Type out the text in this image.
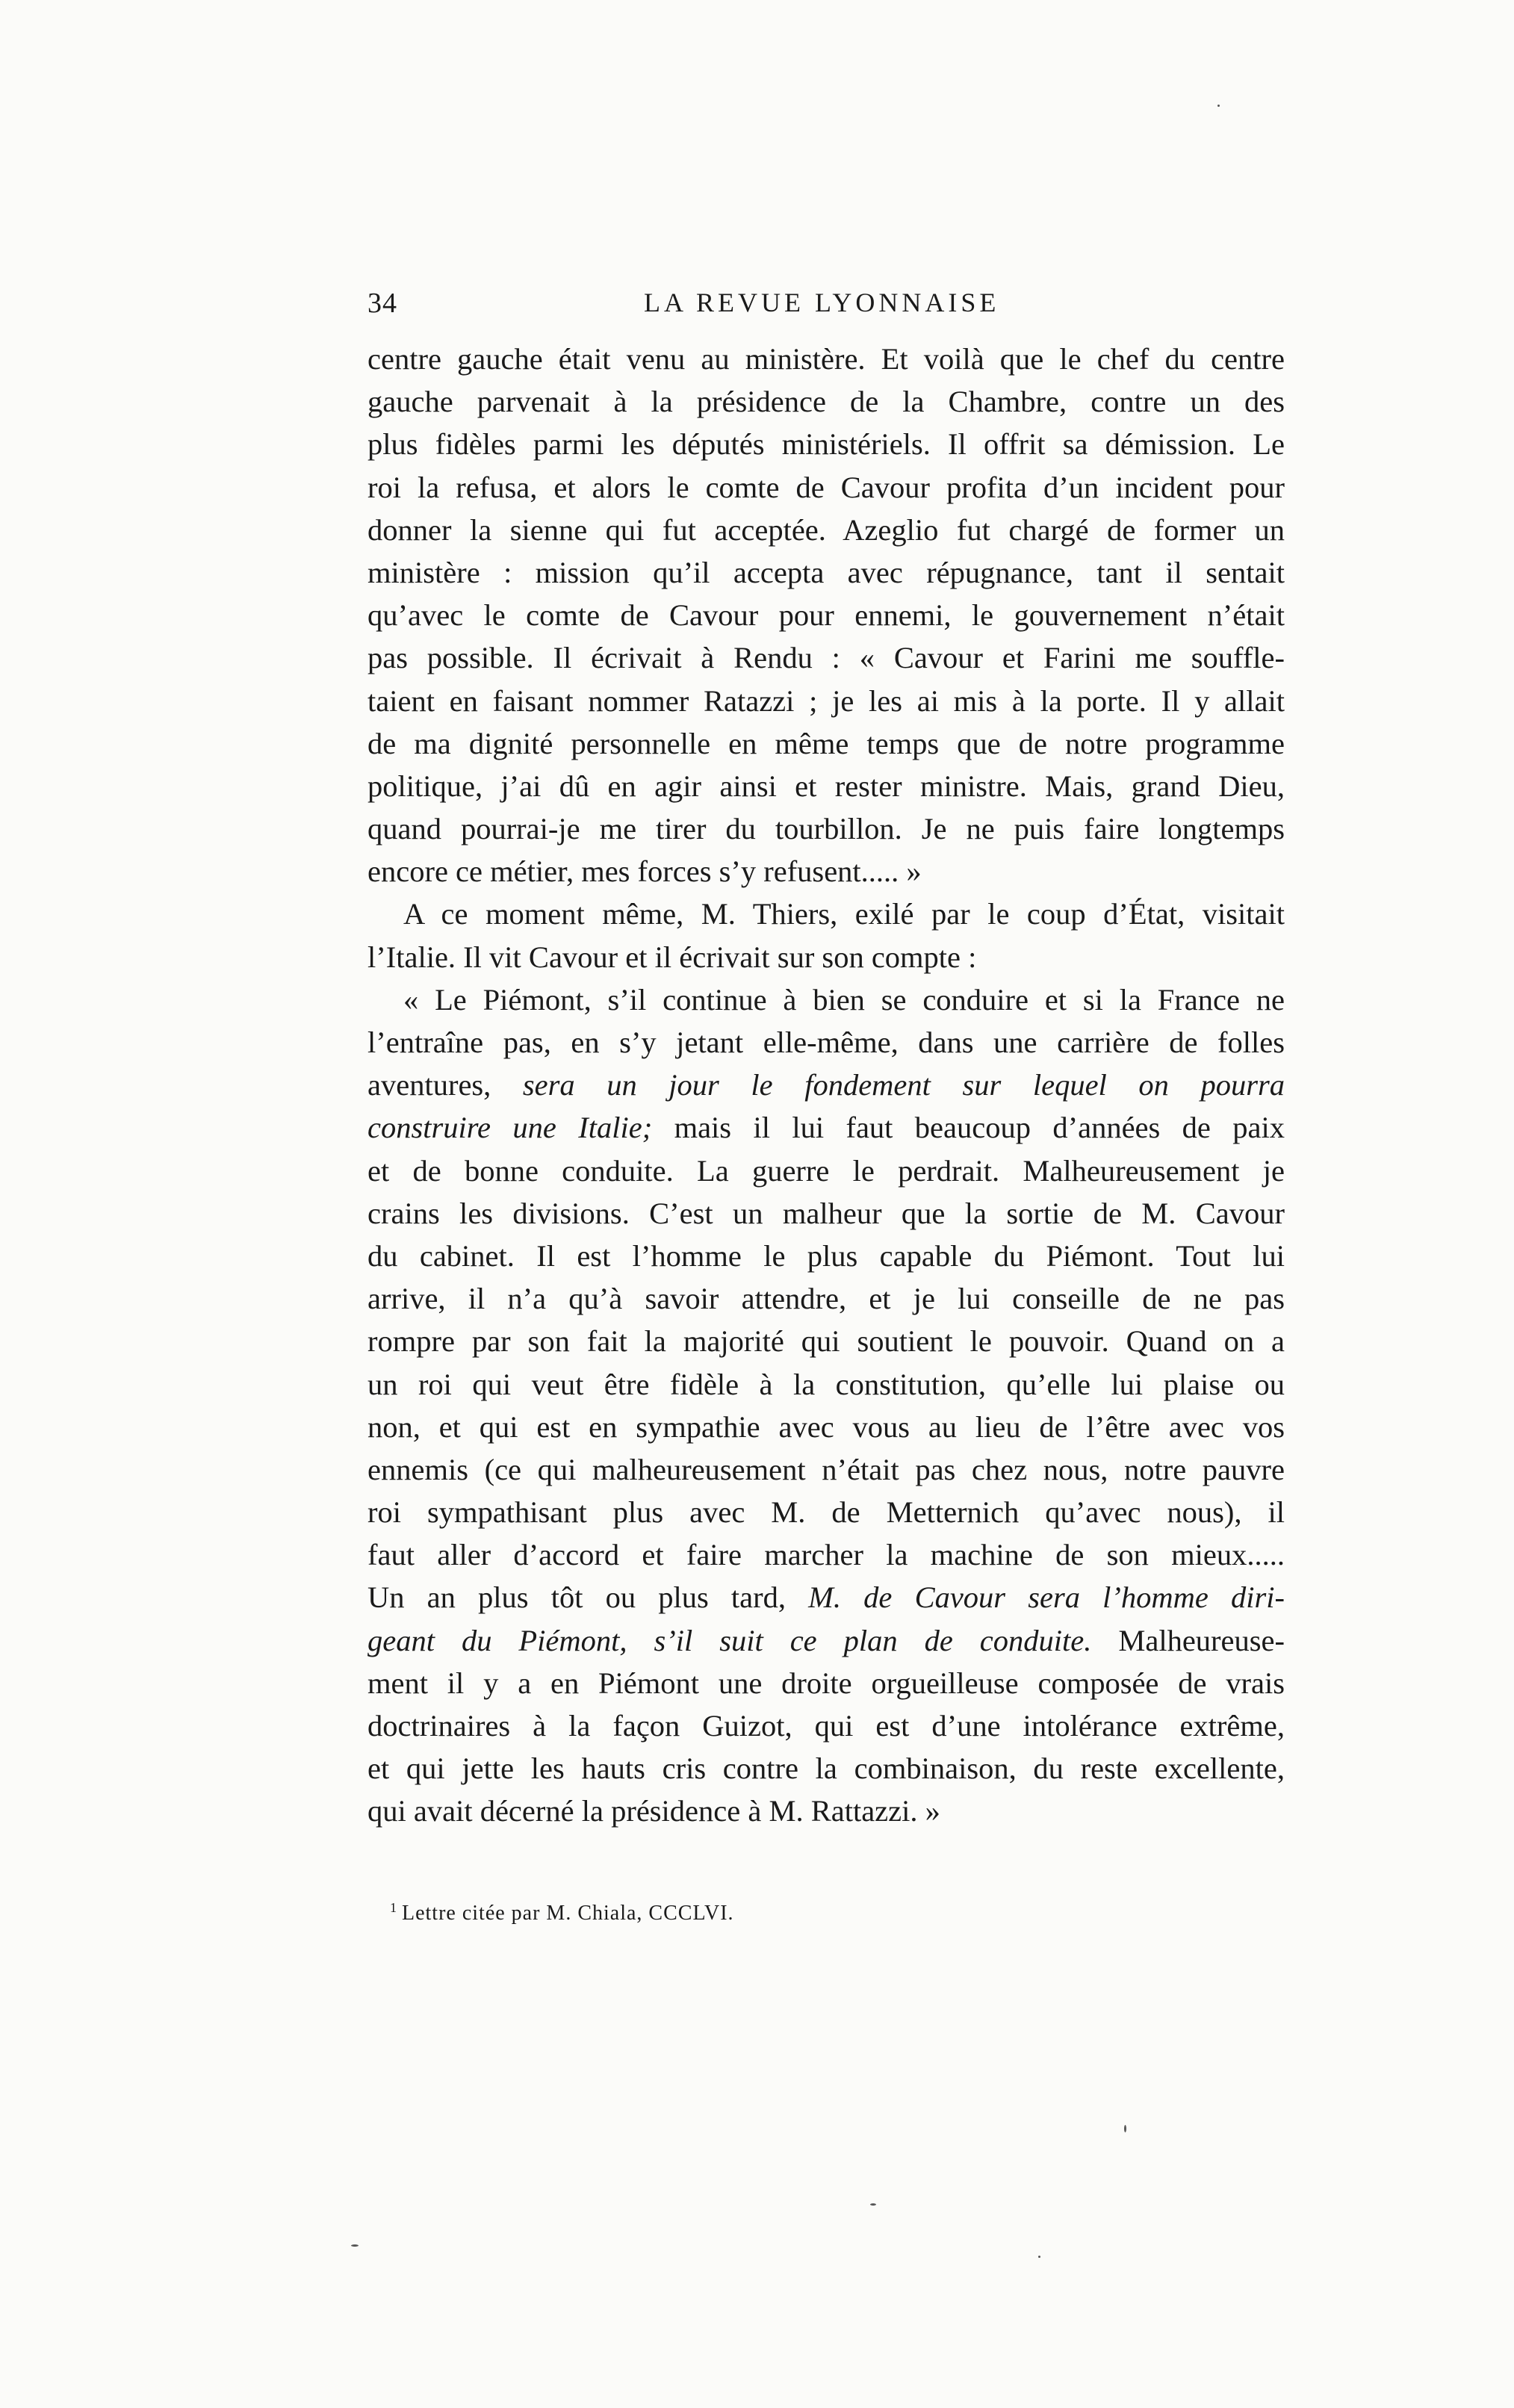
34	LA REVUE LYONNAISE
centre gauche était venu au ministère. Et voilà que le chef du centre
gauche parvenait à la présidence de la Chambre, contre un des
plus fidèles parmi les députés ministériels. Il offrit sa démission. Le
roi la refusa, et alors le comte de Cavour profita d’un incident pour
donner la sienne qui fut acceptée. Azeglio fut chargé de former un
ministère : mission qu’il accepta avec répugnance, tant il sentait
qu’avec le comte de Cavour pour ennemi, le gouvernement n’était
pas possible. Il écrivait à Rendu : « Cavour et Farini me souffle-
taient en faisant nommer Ratazzi ; je les ai mis à la porte. Il y allait
de ma dignité personnelle en même temps que de notre programme
politique, j’ai dû en agir ainsi et rester ministre. Mais, grand Dieu,
quand pourrai-je me tirer du tourbillon. Je ne puis faire longtemps
encore ce métier, mes forces s’y refusent..... »
A ce moment même, M. Thiers, exilé par le coup d’État, visitait
l’Italie. Il vit Cavour et il écrivait sur son compte :
« Le Piémont, s’il continue à bien se conduire et si la France ne
l’entraîne pas, en s’y jetant elle-même, dans une carrière de folles
aventures, sera un jour le fondement sur lequel on pourra
construire une Italie; mais il lui faut beaucoup d’années de paix
et de bonne conduite. La guerre le perdrait. Malheureusement je
crains les divisions. C’est un malheur que la sortie de M. Cavour
du cabinet. Il est l’homme le plus capable du Piémont. Tout lui
arrive, il n’a qu’à savoir attendre, et je lui conseille de ne pas
rompre par son fait la majorité qui soutient le pouvoir. Quand on a
un roi qui veut être fidèle à la constitution, qu’elle lui plaise ou
non, et qui est en sympathie avec vous au lieu de l’être avec vos
ennemis (ce qui malheureusement n’était pas chez nous, notre pauvre
roi sympathisant plus avec M. de Metternich qu’avec nous), il
faut aller d’accord et faire marcher la machine de son mieux.....
Un an plus tôt ou plus tard, M. de Cavour sera l’homme diri-
geant du Piémont, s’il suit ce plan de conduite. Malheureuse-
ment il y a en Piémont une droite orgueilleuse composée de vrais
doctrinaires à la façon Guizot, qui est d’une intolérance extrême,
et qui jette les hauts cris contre la combinaison, du reste excellente,
qui avait décerné la présidence à M. Rattazzi. »
$^1$ Lettre citée par M. Chiala, CCCLVI.
